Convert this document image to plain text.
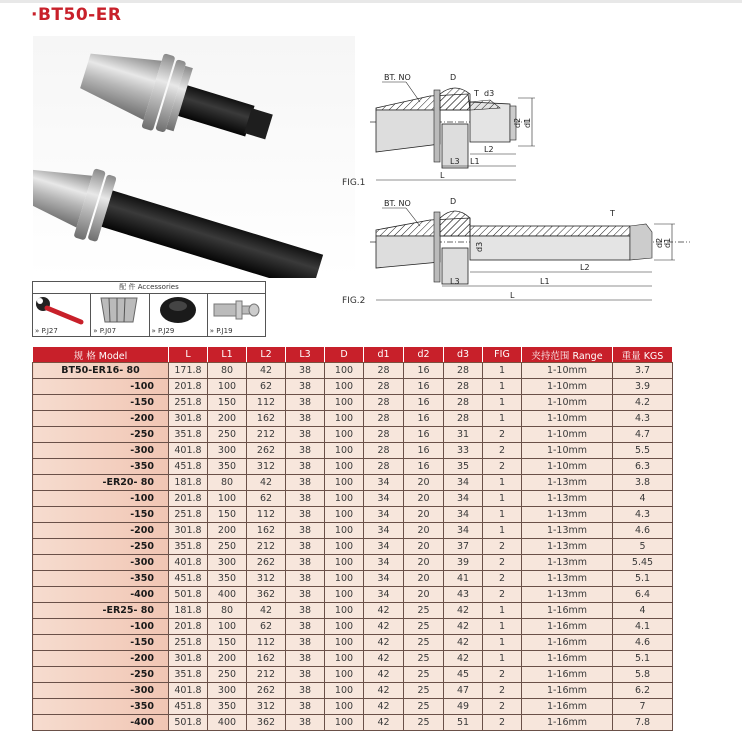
·BT50-ER
d2 d1
BT. NO	D
T d3
L2
L1
L3
L
FIG.1
d2 d1
d3
BT. NO	D
T
L2
L1
L3
L
FIG.2
配 件 Accessories
» P.J27	» P.J07	» P.J29	» P.J19
规 格 Model	L	L1	L2	L3	D	d1	d2	d3	FIG	夹持范围 Range	重量 KGS
BT50-ER16- 80	171.8	80	42	38	100	28	16	28	1	1-10mm	3.7
-100	201.8	100	62	38	100	28	16	28	1	1-10mm	3.9
-150	251.8	150	112	38	100	28	16	28	1	1-10mm	4.2
-200	301.8	200	162	38	100	28	16	28	1	1-10mm	4.3
-250	351.8	250	212	38	100	28	16	31	2	1-10mm	4.7
-300	401.8	300	262	38	100	28	16	33	2	1-10mm	5.5
-350	451.8	350	312	38	100	28	16	35	2	1-10mm	6.3
-ER20- 80	181.8	80	42	38	100	34	20	34	1	1-13mm	3.8
-100	201.8	100	62	38	100	34	20	34	1	1-13mm	4
-150	251.8	150	112	38	100	34	20	34	1	1-13mm	4.3
-200	301.8	200	162	38	100	34	20	34	1	1-13mm	4.6
-250	351.8	250	212	38	100	34	20	37	2	1-13mm	5
-300	401.8	300	262	38	100	34	20	39	2	1-13mm	5.45
-350	451.8	350	312	38	100	34	20	41	2	1-13mm	5.1
-400	501.8	400	362	38	100	34	20	43	2	1-13mm	6.4
-ER25- 80	181.8	80	42	38	100	42	25	42	1	1-16mm	4
-100	201.8	100	62	38	100	42	25	42	1	1-16mm	4.1
-150	251.8	150	112	38	100	42	25	42	1	1-16mm	4.6
-200	301.8	200	162	38	100	42	25	42	1	1-16mm	5.1
-250	351.8	250	212	38	100	42	25	45	2	1-16mm	5.8
-300	401.8	300	262	38	100	42	25	47	2	1-16mm	6.2
-350	451.8	350	312	38	100	42	25	49	2	1-16mm	7
-400	501.8	400	362	38	100	42	25	51	2	1-16mm	7.8
